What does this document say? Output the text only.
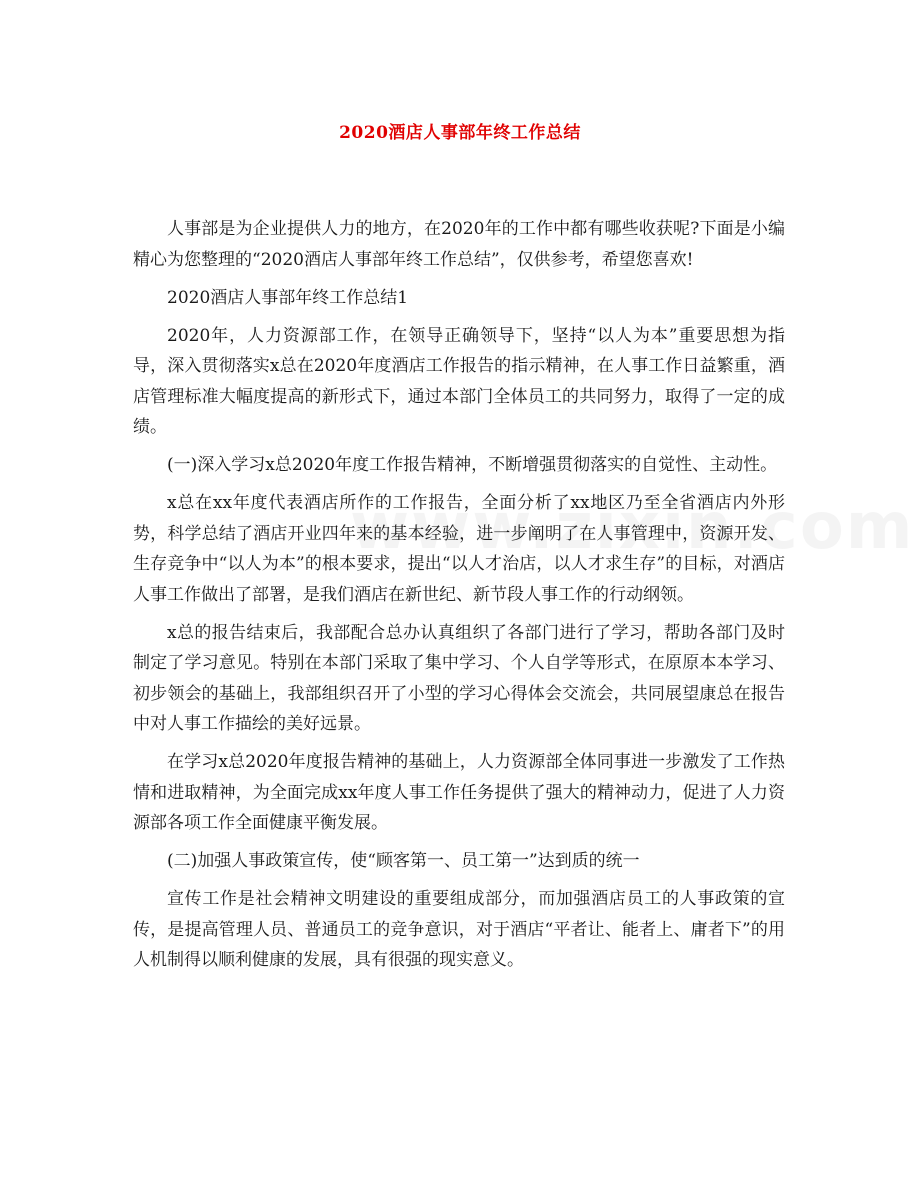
2020酒店人事部年终工作总结

人事部是为企业提供人力的地方，在2020年的工作中都有哪些收获呢?下面是小编精心为您整理的“2020酒店人事部年终工作总结”，仅供参考，希望您喜欢!

2020酒店人事部年终工作总结1

2020年，人力资源部工作，在领导正确领导下，坚持“以人为本”重要思想为指导，深入贯彻落实x总在2020年度酒店工作报告的指示精神，在人事工作日益繁重，酒店管理标准大幅度提高的新形式下，通过本部门全体员工的共同努力，取得了一定的成绩。

(一)深入学习x总2020年度工作报告精神，不断增强贯彻落实的自觉性、主动性。

x总在xx年度代表酒店所作的工作报告，全面分析了xx地区乃至全省酒店内外形势，科学总结了酒店开业四年来的基本经验，进一步阐明了在人事管理中，资源开发、生存竞争中“以人为本”的根本要求，提出“以人才治店，以人才求生存”的目标，对酒店人事工作做出了部署，是我们酒店在新世纪、新节段人事工作的行动纲领。

x总的报告结束后，我部配合总办认真组织了各部门进行了学习，帮助各部门及时制定了学习意见。特别在本部门采取了集中学习、个人自学等形式，在原原本本学习、初步领会的基础上，我部组织召开了小型的学习心得体会交流会，共同展望康总在报告中对人事工作描绘的美好远景。

在学习x总2020年度报告精神的基础上，人力资源部全体同事进一步激发了工作热情和进取精神，为全面完成xx年度人事工作任务提供了强大的精神动力，促进了人力资源部各项工作全面健康平衡发展。

(二)加强人事政策宣传，使“顾客第一、员工第一”达到质的统一

宣传工作是社会精神文明建设的重要组成部分，而加强酒店员工的人事政策的宣传，是提高管理人员、普通员工的竞争意识，对于酒店“平者让、能者上、庸者下”的用人机制得以顺利健康的发展，具有很强的现实意义。
